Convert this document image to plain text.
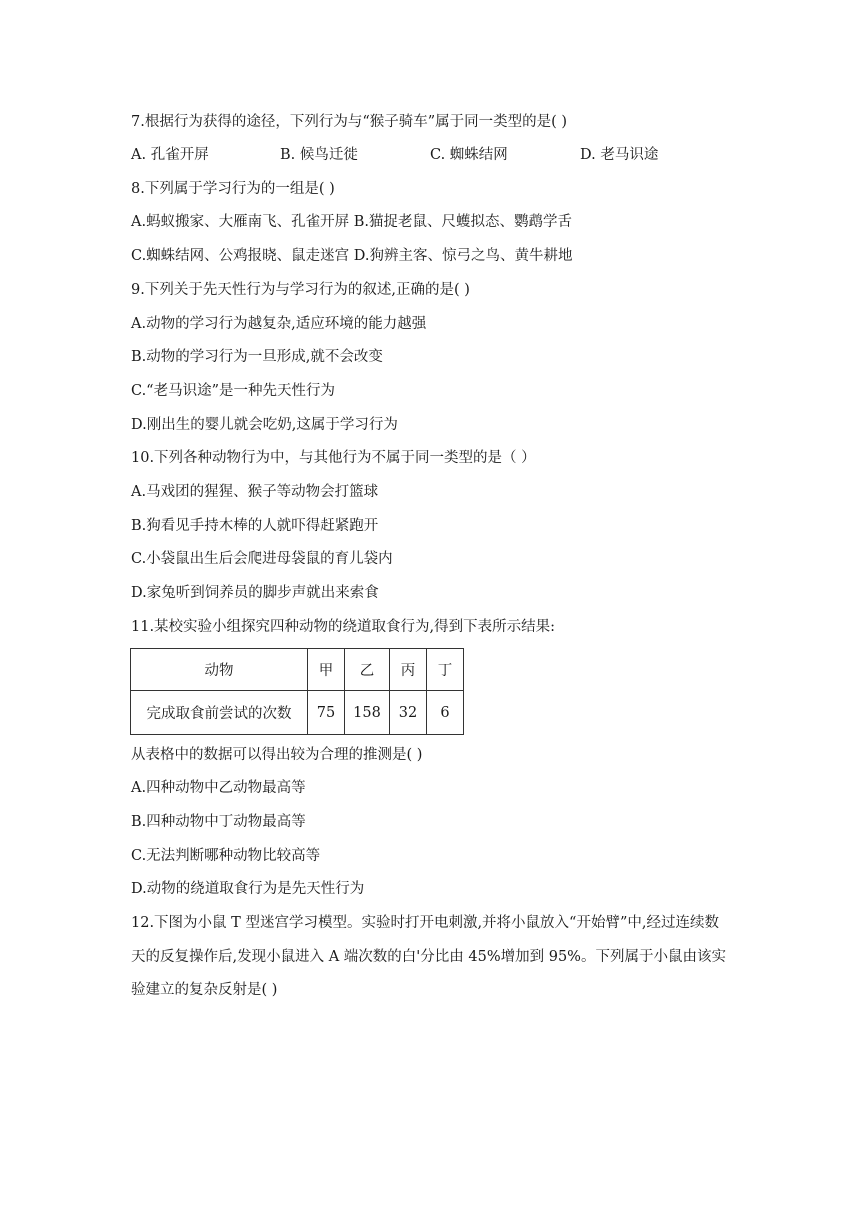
7.根据行为获得的途径，下列行为与“猴子骑车”属于同一类型的是( )
A. 孔雀开屏	B. 候鸟迁徙	C. 蜘蛛结网	D. 老马识途
8.下列属于学习行为的一组是( )
A.蚂蚁搬家、大雁南飞、孔雀开屏 B.猫捉老鼠、尺蠖拟态、鹦鹉学舌
C.蜘蛛结网、公鸡报晓、鼠走迷宫 D.狗辨主客、惊弓之鸟、黄牛耕地
9.下列关于先天性行为与学习行为的叙述,正确的是( )
A.动物的学习行为越复杂,适应环境的能力越强
B.动物的学习行为一旦形成,就不会改变
C.“老马识途”是一种先天性行为
D.刚出生的婴儿就会吃奶,这属于学习行为
10.下列各种动物行为中，与其他行为不属于同一类型的是（ ）
A.马戏团的猩猩、猴子等动物会打篮球
B.狗看见手持木棒的人就吓得赶紧跑开
C.小袋鼠出生后会爬进母袋鼠的育儿袋内
D.家兔听到饲养员的脚步声就出来索食
11.某校实验小组探究四种动物的绕道取食行为,得到下表所示结果:
动物	甲	乙	丙	丁
完成取食前尝试的次数	75	158	32	6
从表格中的数据可以得出较为合理的推测是( )
A.四种动物中乙动物最高等
B.四种动物中丁动物最高等
C.无法判断哪种动物比较高等
D.动物的绕道取食行为是先天性行为
12.下图为小鼠 T 型迷宫学习模型。实验时打开电刺激,并将小鼠放入“开始臂”中,经过连续数
天的反复操作后,发现小鼠进入 A 端次数的白'分比由 45%增加到 95%。下列属于小鼠由该实
验建立的复杂反射是( )
